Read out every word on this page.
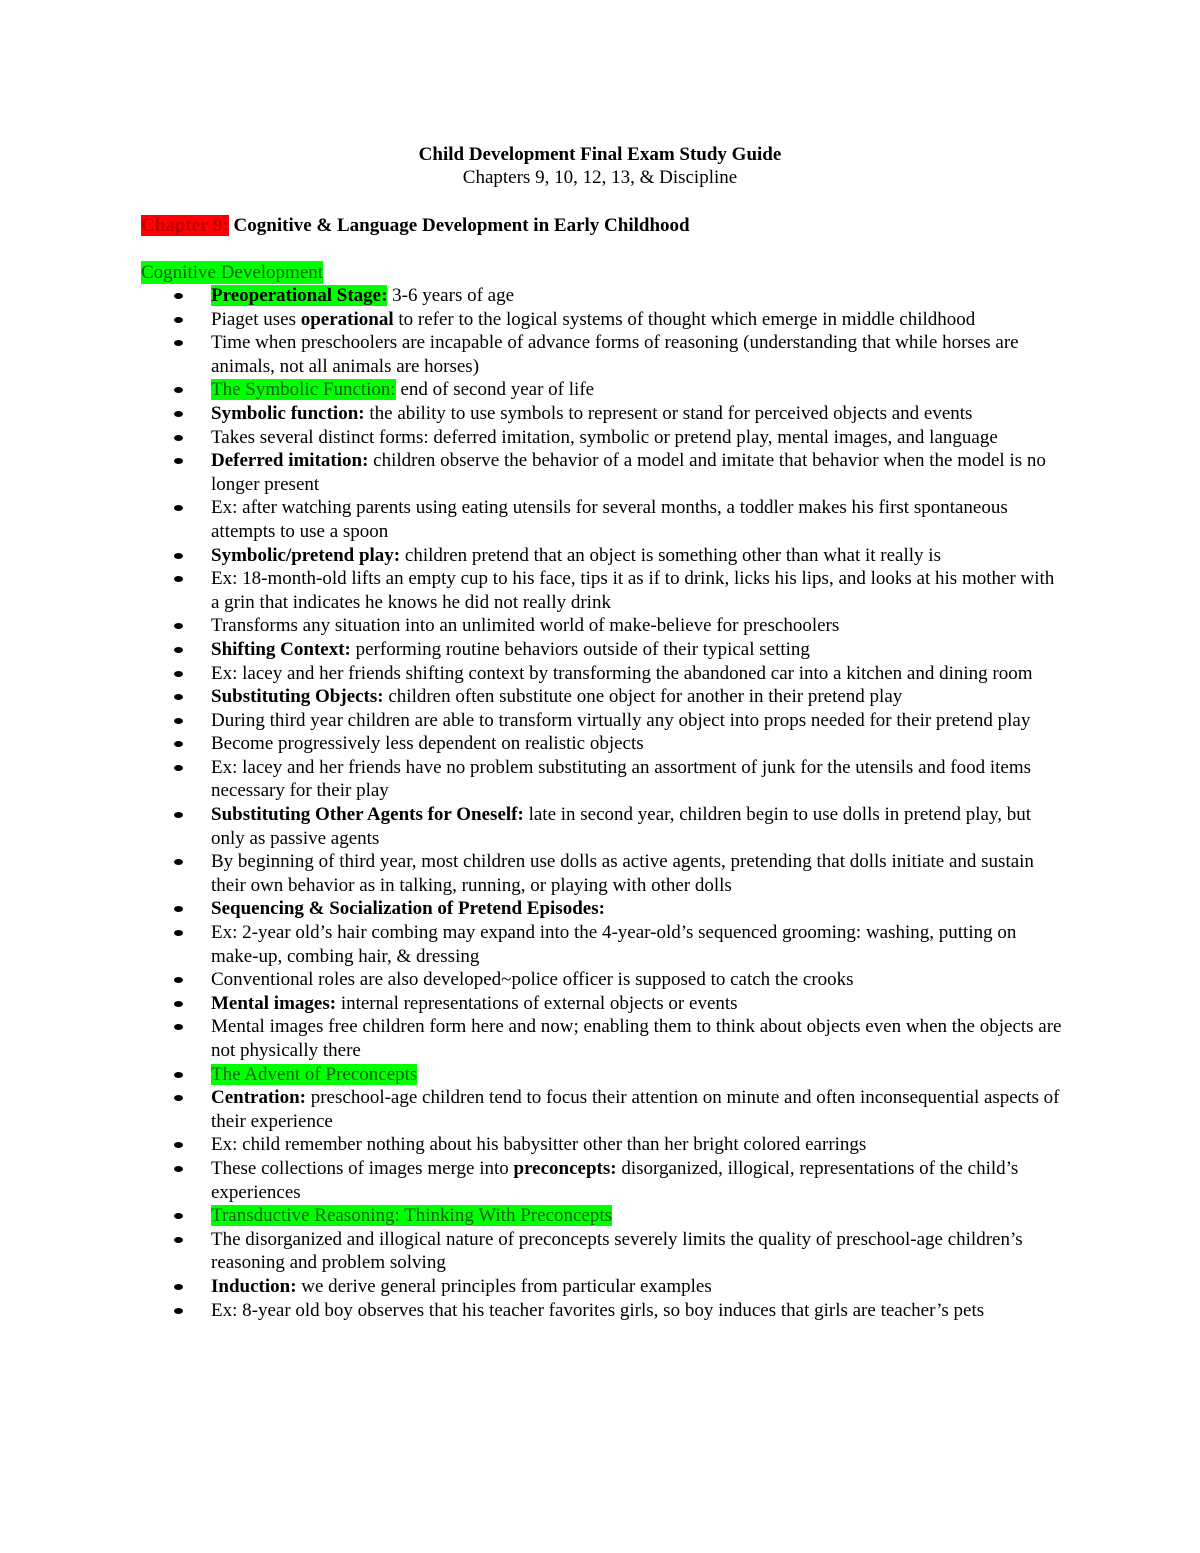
Child Development Final Exam Study Guide
Chapters 9, 10, 12, 13, & Discipline
Chapter 9: Cognitive & Language Development in Early Childhood
Cognitive Development
Preoperational Stage: 3-6 years of age
Piaget uses operational to refer to the logical systems of thought which emerge in middle childhood
Time when preschoolers are incapable of advance forms of reasoning (understanding that while horses are animals, not all animals are horses)
The Symbolic Function: end of second year of life
Symbolic function: the ability to use symbols to represent or stand for perceived objects and events
Takes several distinct forms: deferred imitation, symbolic or pretend play, mental images, and language
Deferred imitation: children observe the behavior of a model and imitate that behavior when the model is no longer present
Ex: after watching parents using eating utensils for several months, a toddler makes his first spontaneous attempts to use a spoon
Symbolic/pretend play: children pretend that an object is something other than what it really is
Ex: 18-month-old lifts an empty cup to his face, tips it as if to drink, licks his lips, and looks at his mother with a grin that indicates he knows he did not really drink
Transforms any situation into an unlimited world of make-believe for preschoolers
Shifting Context: performing routine behaviors outside of their typical setting
Ex: lacey and her friends shifting context by transforming the abandoned car into a kitchen and dining room
Substituting Objects: children often substitute one object for another in their pretend play
During third year children are able to transform virtually any object into props needed for their pretend play
Become progressively less dependent on realistic objects
Ex: lacey and her friends have no problem substituting an assortment of junk for the utensils and food items necessary for their play
Substituting Other Agents for Oneself: late in second year, children begin to use dolls in pretend play, but only as passive agents
By beginning of third year, most children use dolls as active agents, pretending that dolls initiate and sustain their own behavior as in talking, running, or playing with other dolls
Sequencing & Socialization of Pretend Episodes:
Ex: 2-year old’s hair combing may expand into the 4-year-old’s sequenced grooming: washing, putting on make-up, combing hair, & dressing
Conventional roles are also developed~police officer is supposed to catch the crooks
Mental images: internal representations of external objects or events
Mental images free children form here and now; enabling them to think about objects even when the objects are not physically there
The Advent of Preconcepts
Centration: preschool-age children tend to focus their attention on minute and often inconsequential aspects of their experience
Ex: child remember nothing about his babysitter other than her bright colored earrings
These collections of images merge into preconcepts: disorganized, illogical, representations of the child’s experiences
Transductive Reasoning: Thinking With Preconcepts
The disorganized and illogical nature of preconcepts severely limits the quality of preschool-age children’s reasoning and problem solving
Induction: we derive general principles from particular examples
Ex: 8-year old boy observes that his teacher favorites girls, so boy induces that girls are teacher’s pets
